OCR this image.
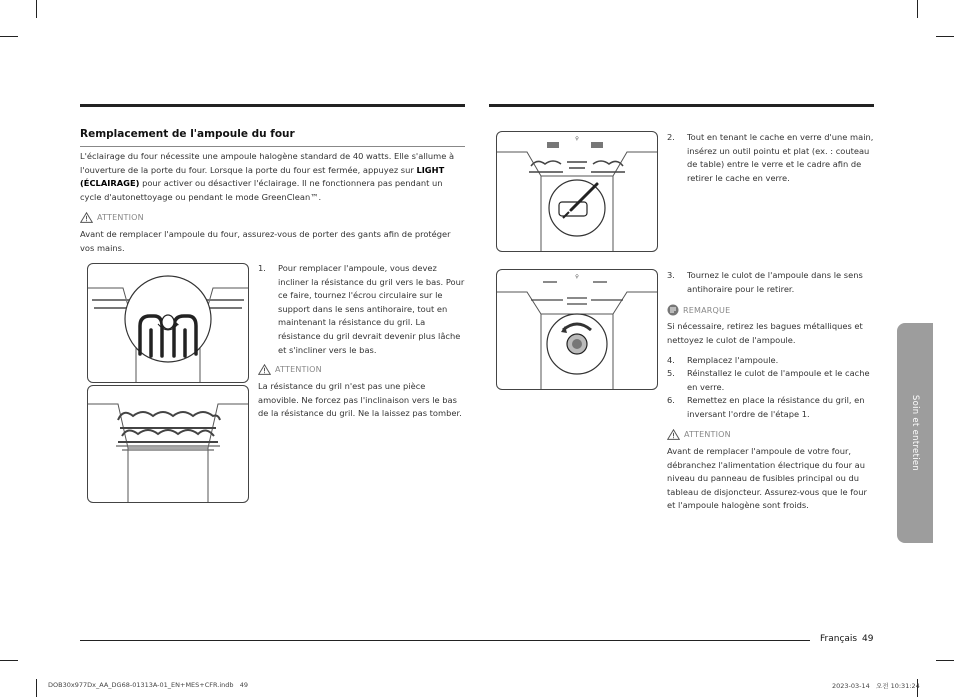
Remplacement de l'ampoule du four
L'éclairage du four nécessite une ampoule halogène standard de 40 watts. Elle s'allume à l'ouverture de la porte du four. Lorsque la porte du four est fermée, appuyez sur LIGHT (ÉCLAIRAGE) pour activer ou désactiver l'éclairage. Il ne fonctionnera pas pendant un cycle d'autonettoyage ou pendant le mode GreenClean™.
ATTENTION
Avant de remplacer l'ampoule du four, assurez-vous de porter des gants afin de protéger vos mains.
1.	Pour remplacer l'ampoule, vous devez incliner la résistance du gril vers le bas. Pour ce faire, tournez l'écrou circulaire sur le support dans le sens antihoraire, tout en maintenant la résistance du gril. La résistance du gril devrait devenir plus lâche et s'incliner vers le bas.
ATTENTION
La résistance du gril n'est pas une pièce amovible. Ne forcez pas l'inclinaison vers le bas de la résistance du gril. Ne la laissez pas tomber.
♀	2.	Tout en tenant le cache en verre d'une main, insérez un outil pointu et plat (ex. : couteau de table) entre le verre et le cadre afin de retirer le cache en verre.
♀	3.	Tournez le culot de l'ampoule dans le sens antihoraire pour le retirer.
REMARQUE
Si nécessaire, retirez les bagues métalliques et nettoyez le culot de l'ampoule.
4.	Remplacez l'ampoule.
5.	Réinstallez le culot de l'ampoule et le cache en verre.
6.	Remettez en place la résistance du gril, en inversant l'ordre de l'étape 1.
ATTENTION
Avant de remplacer l'ampoule de votre four, débranchez l'alimentation électrique du four au niveau du panneau de fusibles principal ou du tableau de disjoncteur. Assurez-vous que le four et l'ampoule halogène sont froids.
Soin et entretien
Français 49
DOB30x977Dx_AA_DG68-01313A-01_EN+MES+CFR.indb   49	2023-03-14   오전 10:31:24
